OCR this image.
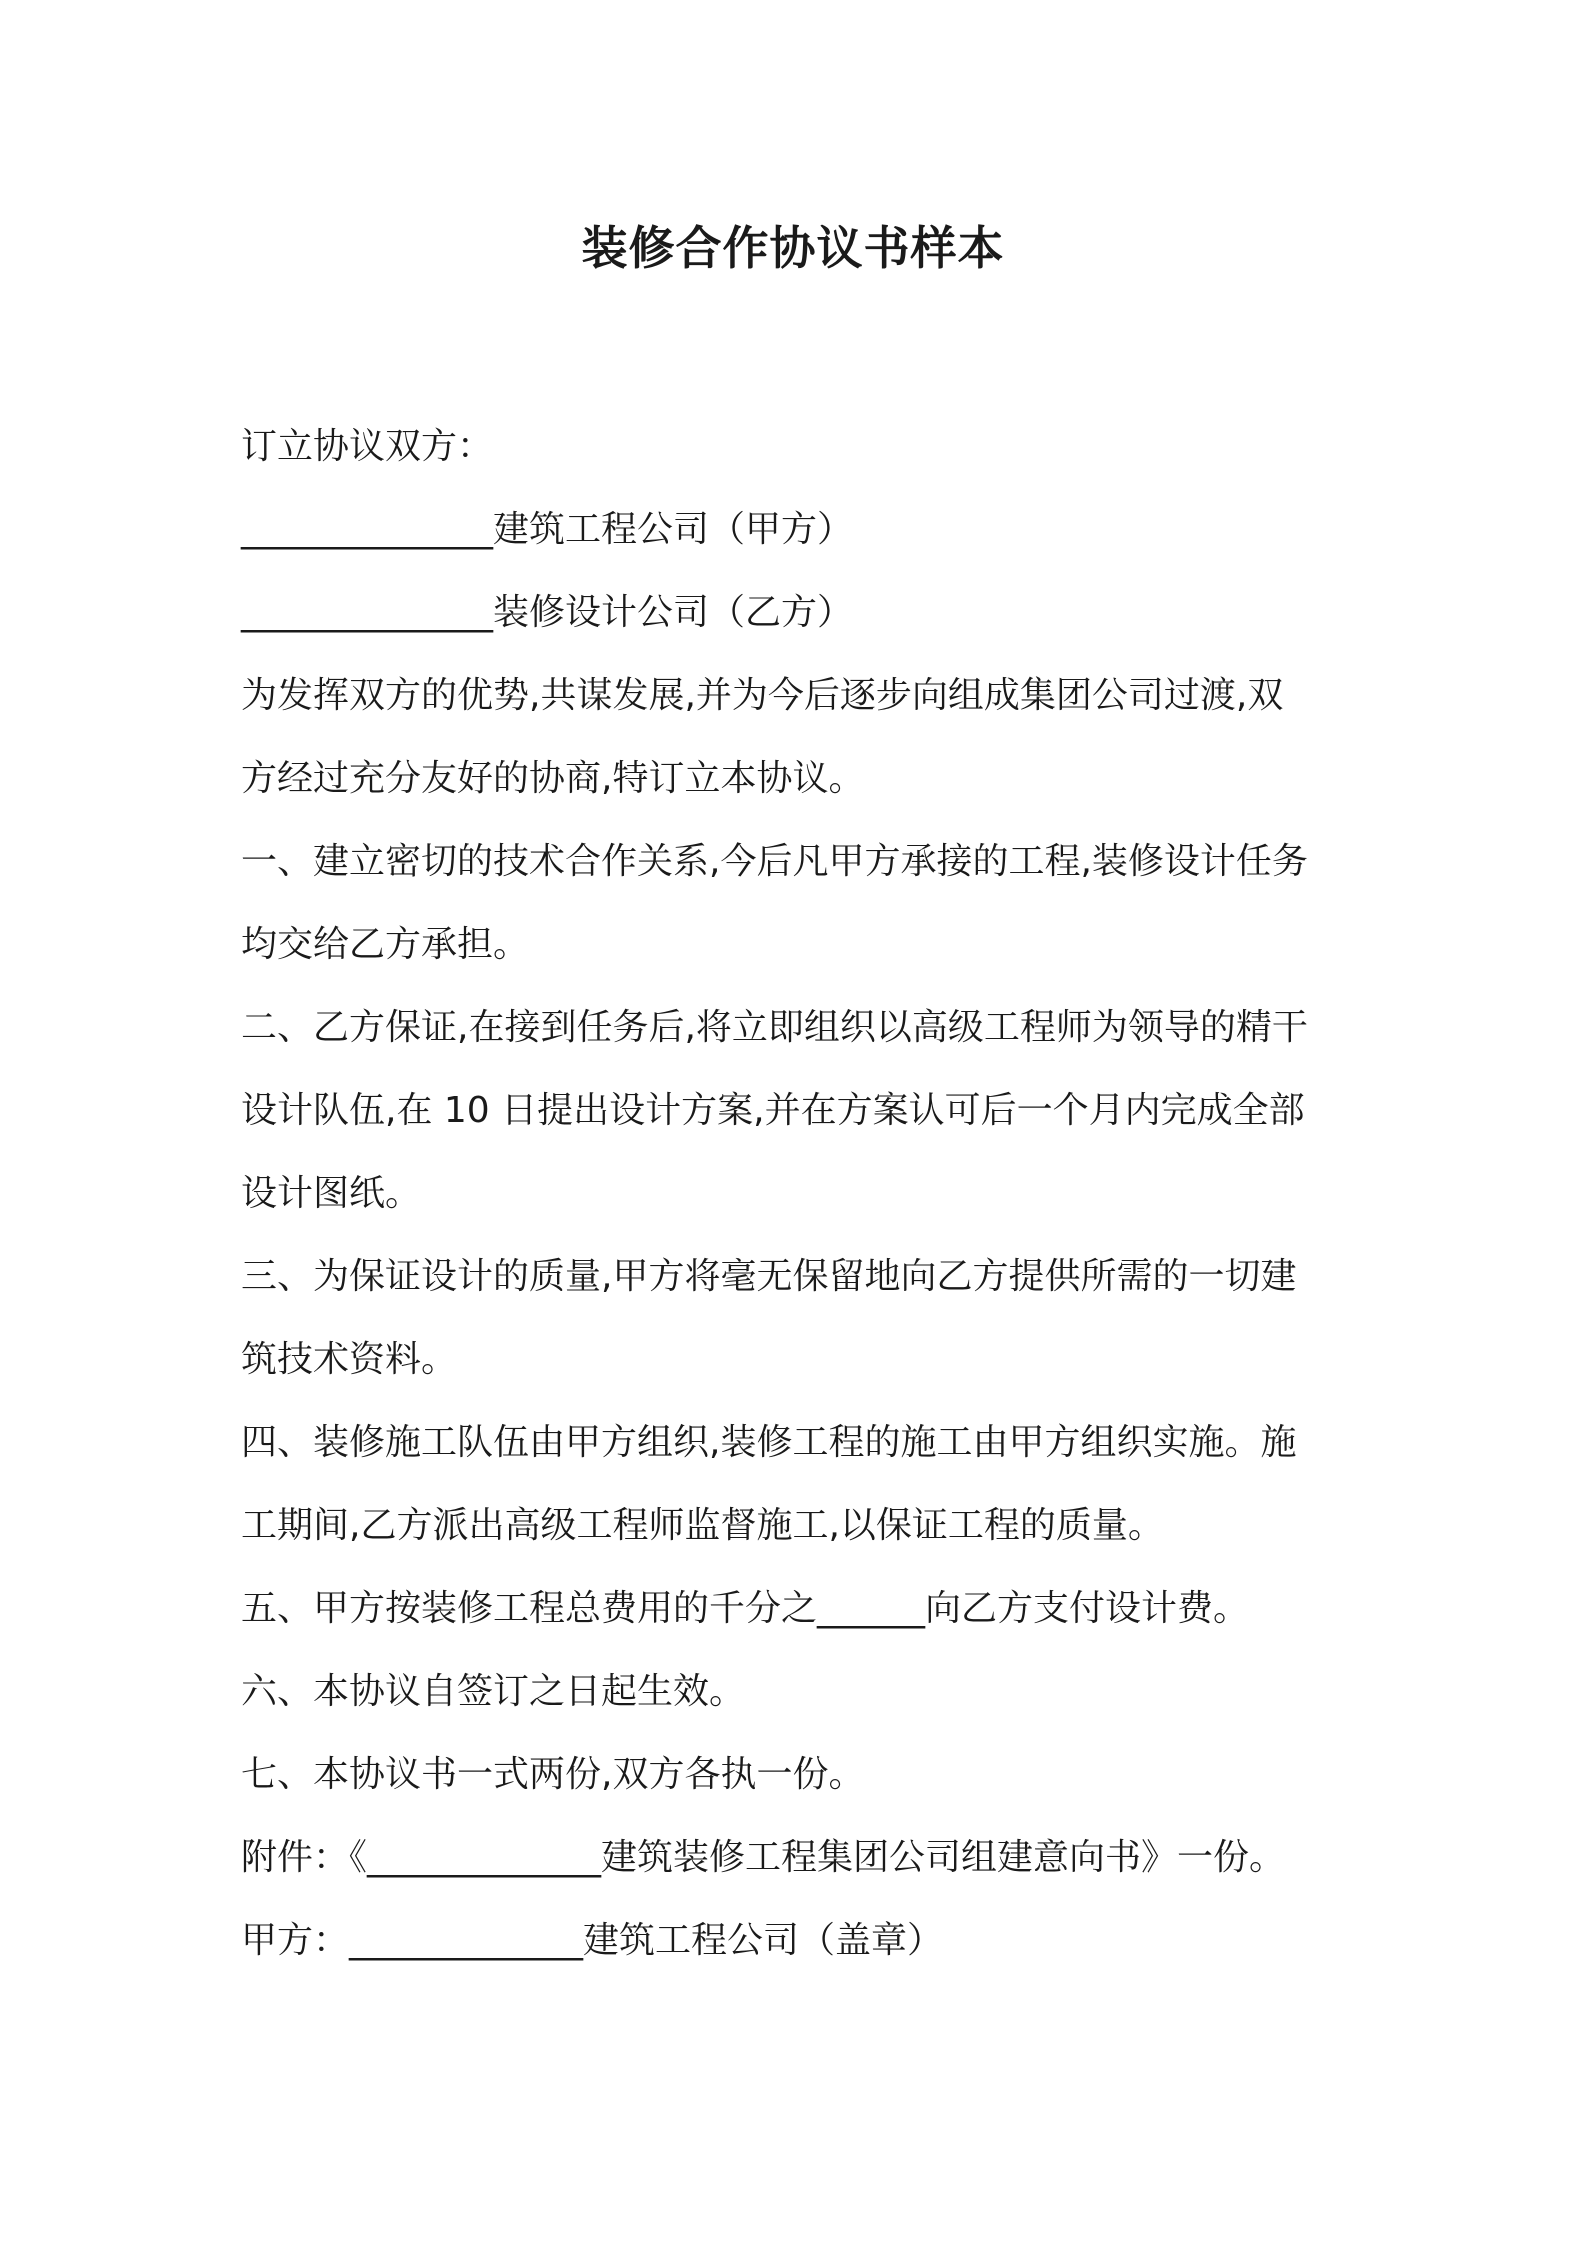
装修合作协议书样本

订立协议双方：

______________建筑工程公司（甲方）

______________装修设计公司（乙方）

为发挥双方的优势,共谋发展,并为今后逐步向组成集团公司过渡,双

方经过充分友好的协商,特订立本协议。

一、建立密切的技术合作关系,今后凡甲方承接的工程,装修设计任务

均交给乙方承担。

二、乙方保证,在接到任务后,将立即组织以高级工程师为领导的精干

设计队伍,在 10 日提出设计方案,并在方案认可后一个月内完成全部

设计图纸。

三、为保证设计的质量,甲方将毫无保留地向乙方提供所需的一切建

筑技术资料。

四、装修施工队伍由甲方组织,装修工程的施工由甲方组织实施。施

工期间,乙方派出高级工程师监督施工,以保证工程的质量。

五、甲方按装修工程总费用的千分之______向乙方支付设计费。

六、本协议自签订之日起生效。

七、本协议书一式两份,双方各执一份。

附件：《_____________建筑装修工程集团公司组建意向书》一份。

甲方：_____________建筑工程公司（盖章）
